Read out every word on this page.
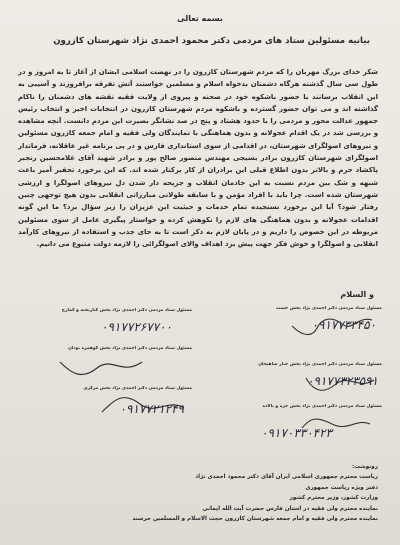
بسمه تعالی
بیانیه مسئولین ستاد های مردمی دکتر محمود احمدی نژاد شهرستان کازرون

شکر خدای بزرگ مهربان را که مردم شهرستان کازرون را در نهضت اسلامی ایشان از آغاز تا به امروز و در طول سی سال گذشته هرگاه دشمنان بدخواه اسلام و مسلمین خواستند آتش تفرقه برافروزند و آسیبی به این انقلاب برسانند با حضور باشکوه خود در صحنه و پیروی از ولایت فقیه نقشه های دشمنان را ناکام گذاشته اند و می توان حضور گسترده و باشکوه مردم شهرستان کازرون در انتخابات اخیر و انتخاب رئیس جمهور عدالت محور و مردمی را با حدود هشتاد و پنج در صد نشانگر بصیرت این مردم دانست. آنچه مشاهده و بررسی شد در یک اقدام عجولانه و بدون هماهنگی با نمایندگان ولی فقیه و امام جمعه کازرون مسئولین و نیروهای اصولگرای شهرستان، در اقدامی از سوی استانداری فارس و در پی برنامه غیر عاقلانه، فرماندار اصولگرای شهرستان کازرون برادر بسیجی مهندس منصور صالح پور و برادر شهید آقای غلامحسین رنجبر پاکشاد حرم و بالاتر بدون اطلاع قبلی این برادران از کار برکنار شده اند. که این برخورد تحقیر آمیز باعث شبهه و شک بین مردم نسبت به این خادمان انقلاب و جریحه دار شدن دل نیروهای اصولگرا و ارزشی شهرستان شده است. چرا باید با افراد مؤمن و با سابقه طولانی مبارزاتی انقلابی بدون هیچ توجهی چنین رفتار شود؟ آیا این برخورد نسنجیده تمام خدمات و حیثیت این عزیزان را زیر سؤال برد؟ ما این گونه اقدامات عجولانه و بدون هماهنگی های لازم را نکوهش کرده و خواستار پیگیری عامل از سوی مسئولین مربوطه در این خصوص را داریم و در پایان لازم به ذکر است تا به جای جذب و استفاده از نیروهای کارآمد انقلابی و اصولگرا و خوش فکر جهت پیش برد اهداف والای اصولگرائی را لازمه دولت متبوع می دانیم.

و السلام
مسئول ستاد مردمی دکتر احمدی نژاد بخش خشت
۰۹۱۷۷۳۳۴۵۰
مسئول ستاد مردمی دکتر احمدی نژاد بخش چنار شاهیجان
۰۹۱۷۷۳۲۳۵۹۱
مسئول ستاد مردمی دکتر احمدی نژاد بخش جره و بالاده
مسئول ستاد مردمی دکتر احمدی نژاد بخش کنارتخته و کمارج
۰۹۱۷۷۲۶۷۷۰۰
مسئول ستاد مردمی دکتر احمدی نژاد بخش کوهمره نودان
مسئول ستاد مردمی دکتر احمدی نژاد بخش مرکزی
۰۹۱۷۷۲۱۲۴۹
۰۹۱۷۰۳۳۰۴۲۳
رونوشت:
ریاست محترم جمهوری اسلامی ایران آقای دکتر محمود احمدی نژاد
دفتر ویژه ریاست جمهوری
وزارت کشور، وزیر محترم کشور
نماینده محترم ولی فقیه در استان فارس حضرت آیت الله ایمانی
نماینده محترم ولی فقیه و امام جمعه شهرستان کازرون حجت الاسلام و المسلمین خرسند
